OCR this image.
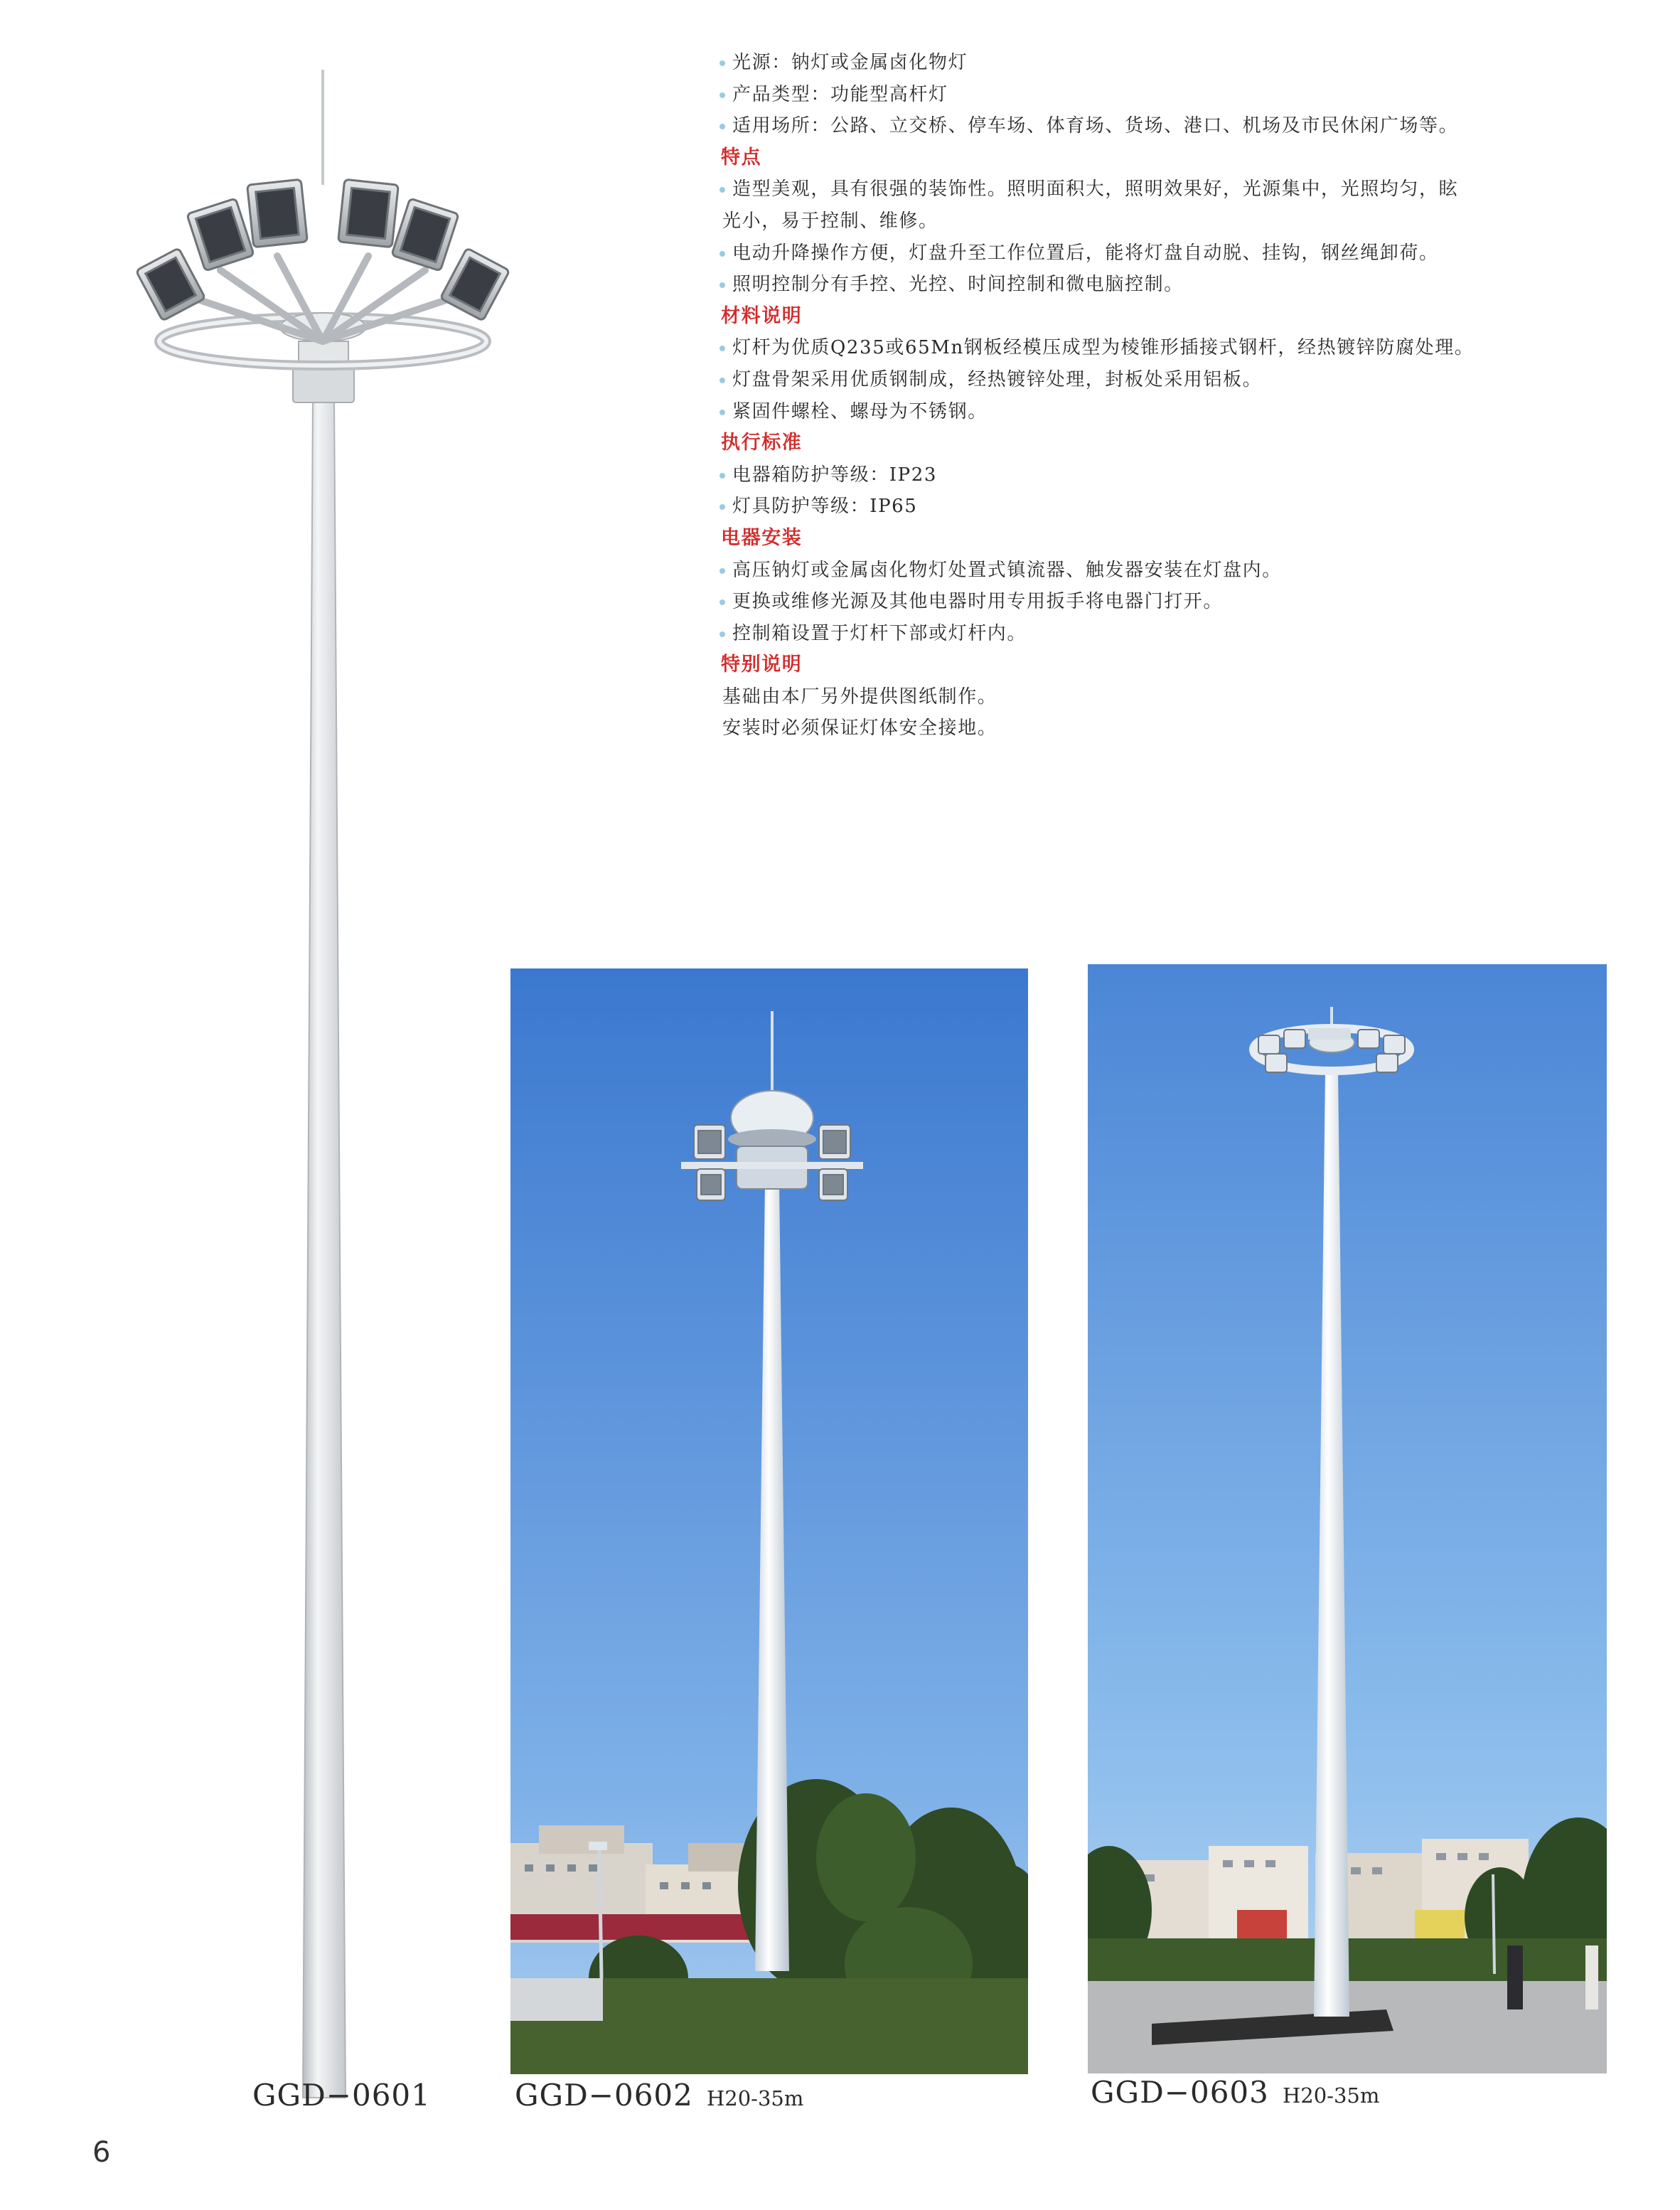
光源：钠灯或金属卤化物灯
产品类型：功能型高杆灯
适用场所：公路、立交桥、停车场、体育场、货场、港口、机场及市民休闲广场等。
特点
造型美观，具有很强的装饰性。照明面积大，照明效果好，光源集中，光照均匀，眩
光小，易于控制、维修。
电动升降操作方便，灯盘升至工作位置后，能将灯盘自动脱、挂钩，钢丝绳卸荷。
照明控制分有手控、光控、时间控制和微电脑控制。
材料说明
灯杆为优质Q235或65Mn钢板经模压成型为棱锥形插接式钢杆，经热镀锌防腐处理。
灯盘骨架采用优质钢制成，经热镀锌处理，封板处采用铝板。
紧固件螺栓、螺母为不锈钢。
执行标准
电器箱防护等级：IP23
灯具防护等级：IP65
电器安装
高压钠灯或金属卤化物灯处置式镇流器、触发器安装在灯盘内。
更换或维修光源及其他电器时用专用扳手将电器门打开。
控制箱设置于灯杆下部或灯杆内。
特别说明
基础由本厂另外提供图纸制作。
安装时必须保证灯体安全接地。
GGD−0601	GGD−0602 H20-35m	GGD−0603 H20-35m
6
